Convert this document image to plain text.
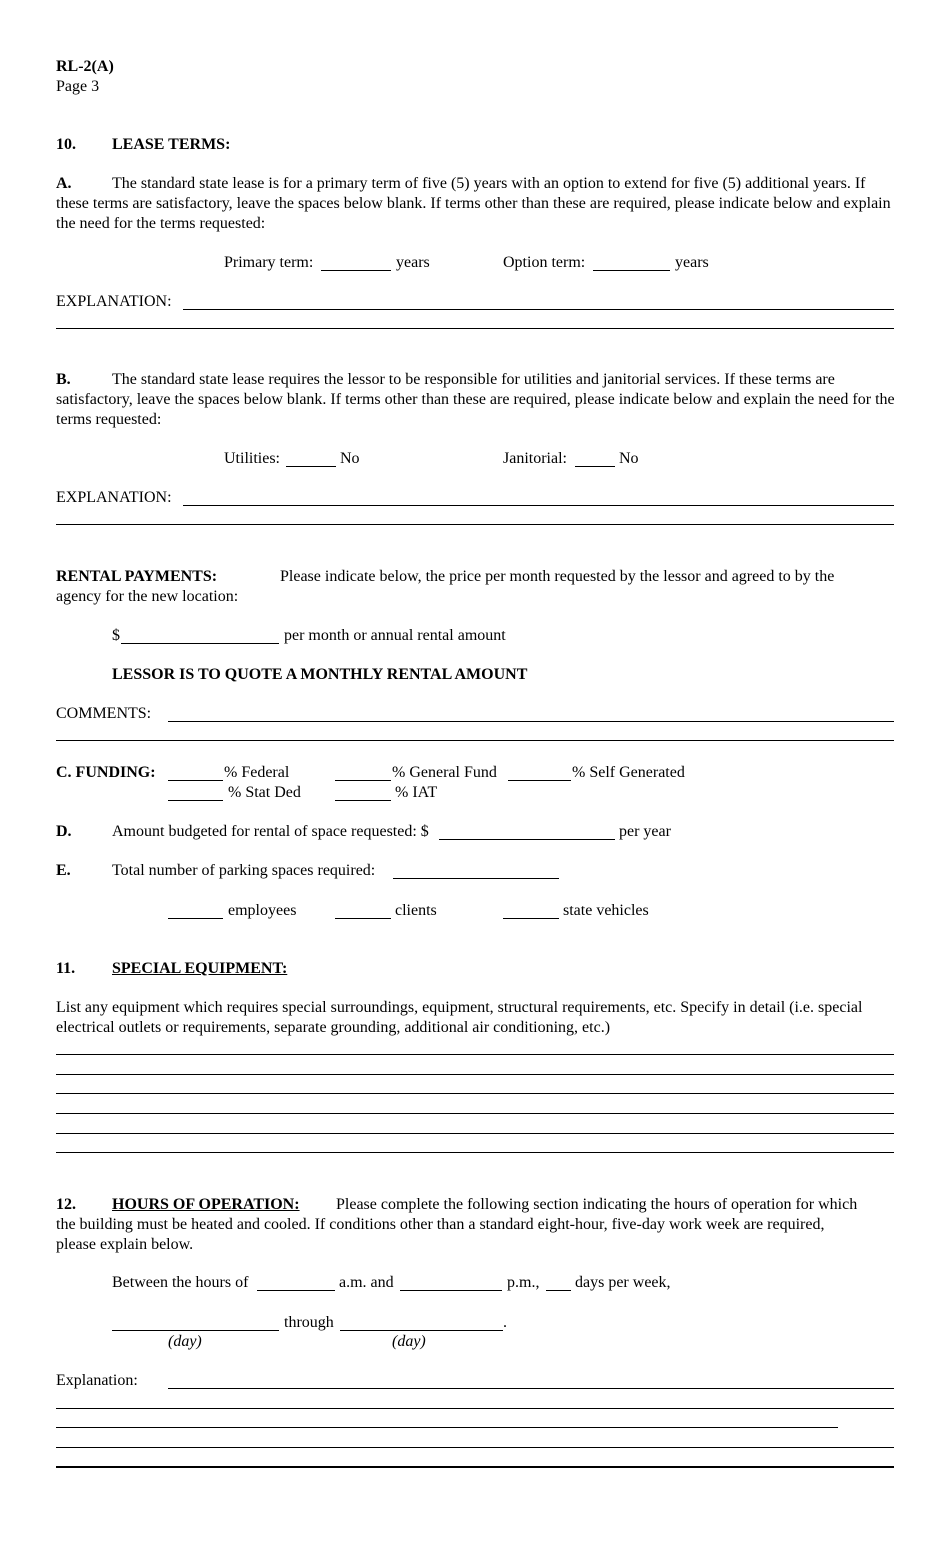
RL-2(A)
Page 3
10. LEASE TERMS:
A.	The standard state lease is for a primary term of five (5) years with an option to extend for five (5) additional years. If these terms are satisfactory, leave the spaces below blank. If terms other than these are required, please indicate below and explain the need for the terms requested:
Primary term:	years	Option term:	years
EXPLANATION:
B.	The standard state lease requires the lessor to be responsible for utilities and janitorial services. If these terms are satisfactory, leave the spaces below blank. If terms other than these are required, please indicate below and explain the need for the terms requested:
Utilities:	No	Janitorial:	No
EXPLANATION:
RENTAL PAYMENTS:	Please indicate below, the price per month requested by the lessor and agreed to by the
agency for the new location:
$	per month or annual rental amount
LESSOR IS TO QUOTE A MONTHLY RENTAL AMOUNT
COMMENTS:
C. FUNDING:	% Federal	% General Fund	% Self Generated
% Stat Ded	% IAT
D.	Amount budgeted for rental of space requested: $	per year
E.	Total number of parking spaces required:
employees	clients	state vehicles
11. SPECIAL EQUIPMENT:
List any equipment which requires special surroundings, equipment, structural requirements, etc. Specify in detail (i.e. special electrical outlets or requirements, separate grounding, additional air conditioning, etc.)
12. HOURS OF OPERATION: Please complete the following section indicating the hours of operation for which
the building must be heated and cooled. If conditions other than a standard eight-hour, five-day work week are required,
please explain below.
Between the hours of	a.m. and	p.m., days per week,
through	.
(day)	(day)
Explanation:
